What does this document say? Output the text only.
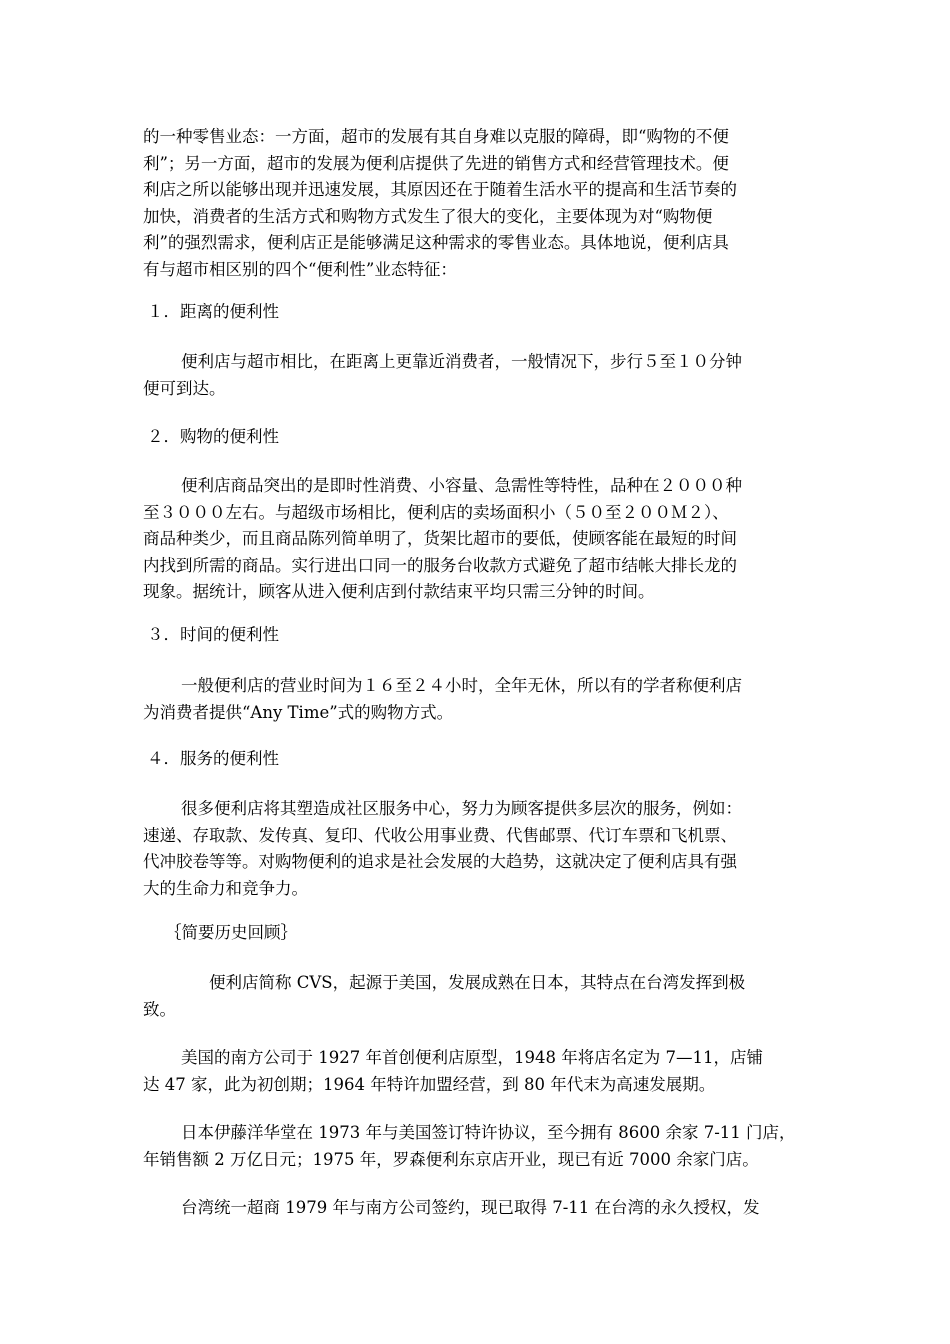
的一种零售业态：一方面，超市的发展有其自身难以克服的障碍，即“购物的不便
利”；另一方面，超市的发展为便利店提供了先进的销售方式和经营管理技术。便
利店之所以能够出现并迅速发展，其原因还在于随着生活水平的提高和生活节奏的
加快，消费者的生活方式和购物方式发生了很大的变化，主要体现为对“购物便
利”的强烈需求，便利店正是能够满足这种需求的零售业态。具体地说，便利店具
有与超市相区别的四个“便利性”业态特征：
１．距离的便利性
便利店与超市相比，在距离上更靠近消费者，一般情况下，步行５至１０分钟
便可到达。
２．购物的便利性
便利店商品突出的是即时性消费、小容量、急需性等特性，品种在２０００种
至３０００左右。与超级市场相比，便利店的卖场面积小（５０至２００Ｍ２）、
商品种类少，而且商品陈列简单明了，货架比超市的要低，使顾客能在最短的时间
内找到所需的商品。实行进出口同一的服务台收款方式避免了超市结帐大排长龙的
现象。据统计，顾客从进入便利店到付款结束平均只需三分钟的时间。
３．时间的便利性
一般便利店的营业时间为１６至２４小时，全年无休，所以有的学者称便利店
为消费者提供“Any Time”式的购物方式。
４．服务的便利性
很多便利店将其塑造成社区服务中心，努力为顾客提供多层次的服务，例如：
速递、存取款、发传真、复印、代收公用事业费、代售邮票、代订车票和飞机票、
代冲胶卷等等。对购物便利的追求是社会发展的大趋势，这就决定了便利店具有强
大的生命力和竞争力。
｛简要历史回顾｝
便利店简称 CVS，起源于美国，发展成熟在日本，其特点在台湾发挥到极
致。
美国的南方公司于 1927 年首创便利店原型，1948 年将店名定为 7—11，店铺
达 47 家，此为初创期；1964 年特许加盟经营，到 80 年代末为高速发展期。
日本伊藤洋华堂在 1973 年与美国签订特许协议，至今拥有 8600 余家 7-11 门店，
年销售额 2 万亿日元；1975 年，罗森便利东京店开业，现已有近 7000 余家门店。
台湾统一超商 1979 年与南方公司签约，现已取得 7-11 在台湾的永久授权，发
